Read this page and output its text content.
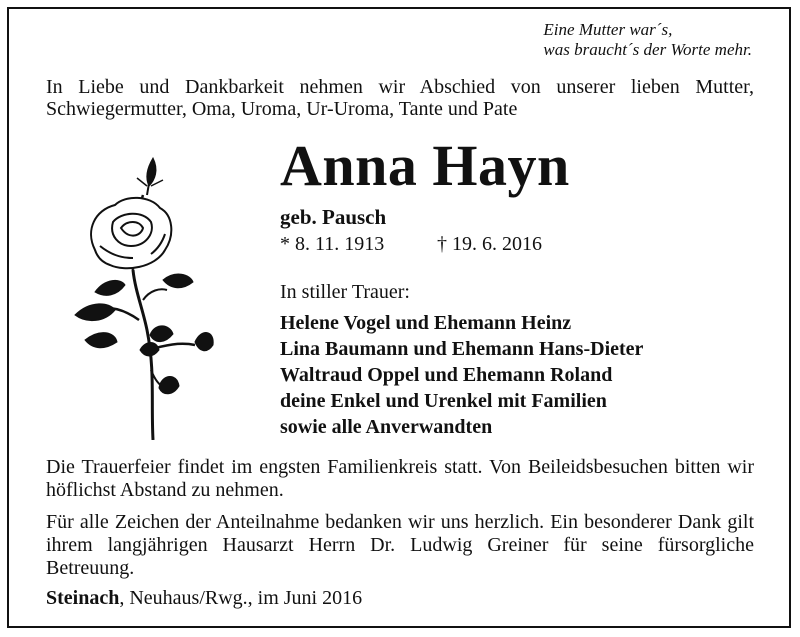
Eine Mutter war´s,
was braucht´s der Worte mehr.
In Liebe und Dankbarkeit nehmen wir Abschied von unserer lieben Mutter, Schwiegermutter, Oma, Uroma, Ur-Uroma, Tante und Pate
Anna Hayn
geb. Pausch
* 8. 11. 1913	† 19. 6. 2016
In stiller Trauer:
Helene Vogel und Ehemann Heinz
Lina Baumann und Ehemann Hans-Dieter
Waltraud Oppel und Ehemann Roland
deine Enkel und Urenkel mit Familien
sowie alle Anverwandten
Die Trauerfeier findet im engsten Familienkreis statt. Von Beileidsbesuchen bitten wir höflichst Abstand zu nehmen.
Für alle Zeichen der Anteilnahme bedanken wir uns herzlich. Ein besonderer Dank gilt ihrem langjährigen Hausarzt Herrn Dr. Ludwig Greiner für seine fürsorgliche Betreuung.
Steinach, Neuhaus/Rwg., im Juni 2016
